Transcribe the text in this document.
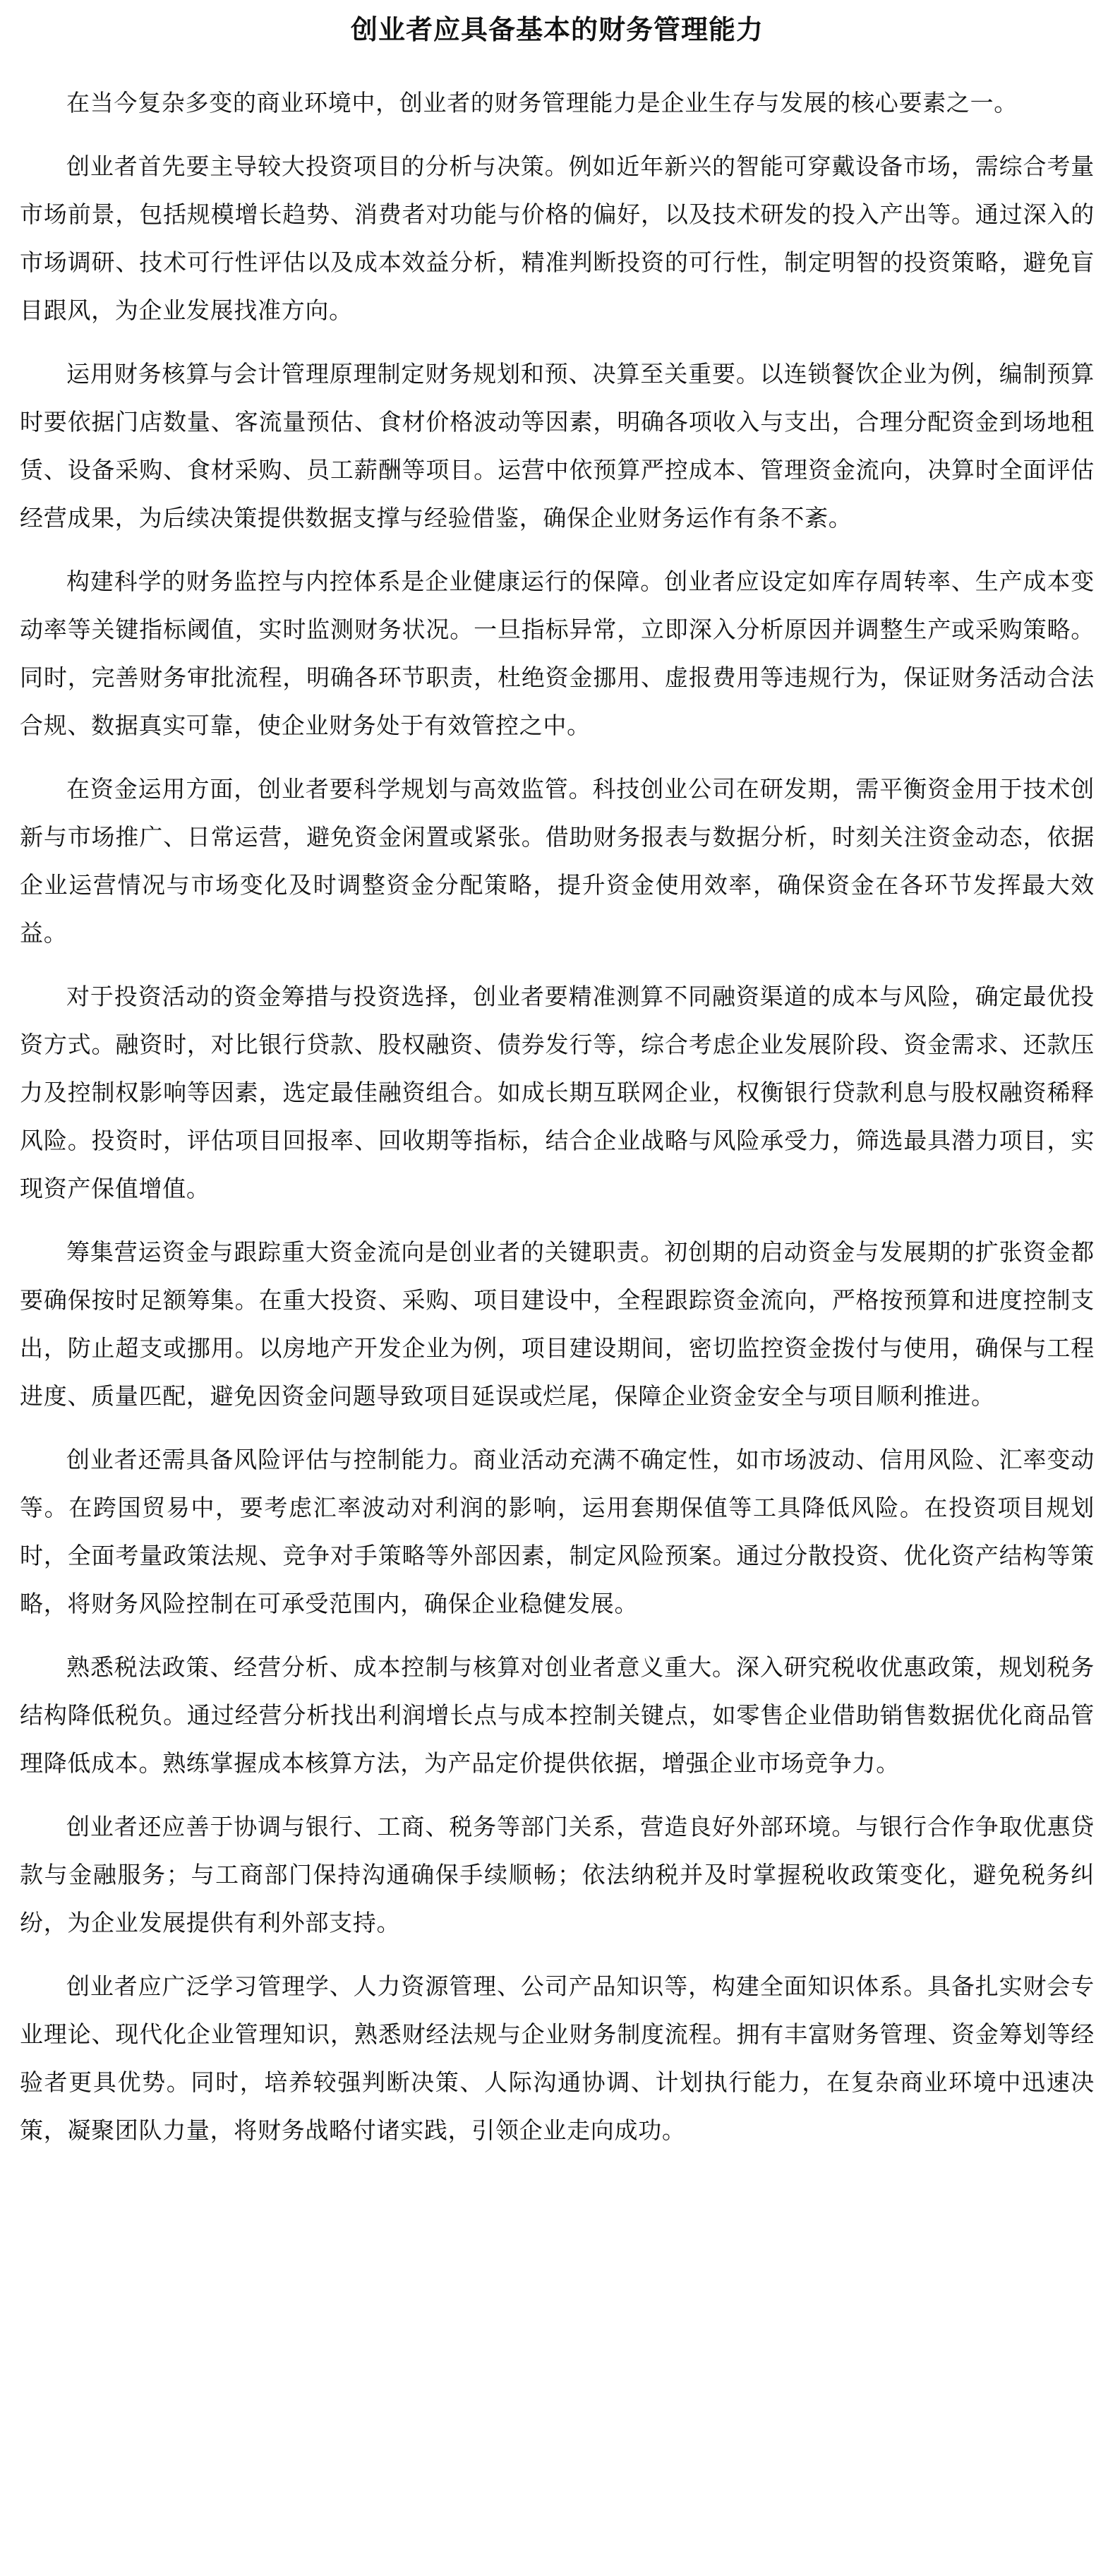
创业者应具备基本的财务管理能力

在当今复杂多变的商业环境中，创业者的财务管理能力是企业生存与发展的核心要素之一。

创业者首先要主导较大投资项目的分析与决策。例如近年新兴的智能可穿戴设备市场，需综合考量市场前景，包括规模增长趋势、消费者对功能与价格的偏好，以及技术研发的投入产出等。通过深入的市场调研、技术可行性评估以及成本效益分析，精准判断投资的可行性，制定明智的投资策略，避免盲目跟风，为企业发展找准方向。

运用财务核算与会计管理原理制定财务规划和预、决算至关重要。以连锁餐饮企业为例，编制预算时要依据门店数量、客流量预估、食材价格波动等因素，明确各项收入与支出，合理分配资金到场地租赁、设备采购、食材采购、员工薪酬等项目。运营中依预算严控成本、管理资金流向，决算时全面评估经营成果，为后续决策提供数据支撑与经验借鉴，确保企业财务运作有条不紊。

构建科学的财务监控与内控体系是企业健康运行的保障。创业者应设定如库存周转率、生产成本变动率等关键指标阈值，实时监测财务状况。一旦指标异常，立即深入分析原因并调整生产或采购策略。同时，完善财务审批流程，明确各环节职责，杜绝资金挪用、虚报费用等违规行为，保证财务活动合法合规、数据真实可靠，使企业财务处于有效管控之中。

在资金运用方面，创业者要科学规划与高效监管。科技创业公司在研发期，需平衡资金用于技术创新与市场推广、日常运营，避免资金闲置或紧张。借助财务报表与数据分析，时刻关注资金动态，依据企业运营情况与市场变化及时调整资金分配策略，提升资金使用效率，确保资金在各环节发挥最大效益。

对于投资活动的资金筹措与投资选择，创业者要精准测算不同融资渠道的成本与风险，确定最优投资方式。融资时，对比银行贷款、股权融资、债券发行等，综合考虑企业发展阶段、资金需求、还款压力及控制权影响等因素，选定最佳融资组合。如成长期互联网企业，权衡银行贷款利息与股权融资稀释风险。投资时，评估项目回报率、回收期等指标，结合企业战略与风险承受力，筛选最具潜力项目，实现资产保值增值。

筹集营运资金与跟踪重大资金流向是创业者的关键职责。初创期的启动资金与发展期的扩张资金都要确保按时足额筹集。在重大投资、采购、项目建设中，全程跟踪资金流向，严格按预算和进度控制支出，防止超支或挪用。以房地产开发企业为例，项目建设期间，密切监控资金拨付与使用，确保与工程进度、质量匹配，避免因资金问题导致项目延误或烂尾，保障企业资金安全与项目顺利推进。

创业者还需具备风险评估与控制能力。商业活动充满不确定性，如市场波动、信用风险、汇率变动等。在跨国贸易中，要考虑汇率波动对利润的影响，运用套期保值等工具降低风险。在投资项目规划时，全面考量政策法规、竞争对手策略等外部因素，制定风险预案。通过分散投资、优化资产结构等策略，将财务风险控制在可承受范围内，确保企业稳健发展。

熟悉税法政策、经营分析、成本控制与核算对创业者意义重大。深入研究税收优惠政策，规划税务结构降低税负。通过经营分析找出利润增长点与成本控制关键点，如零售企业借助销售数据优化商品管理降低成本。熟练掌握成本核算方法，为产品定价提供依据，增强企业市场竞争力。

创业者还应善于协调与银行、工商、税务等部门关系，营造良好外部环境。与银行合作争取优惠贷款与金融服务；与工商部门保持沟通确保手续顺畅；依法纳税并及时掌握税收政策变化，避免税务纠纷，为企业发展提供有利外部支持。

创业者应广泛学习管理学、人力资源管理、公司产品知识等，构建全面知识体系。具备扎实财会专业理论、现代化企业管理知识，熟悉财经法规与企业财务制度流程。拥有丰富财务管理、资金筹划等经验者更具优势。同时，培养较强判断决策、人际沟通协调、计划执行能力，在复杂商业环境中迅速决策，凝聚团队力量，将财务战略付诸实践，引领企业走向成功。
